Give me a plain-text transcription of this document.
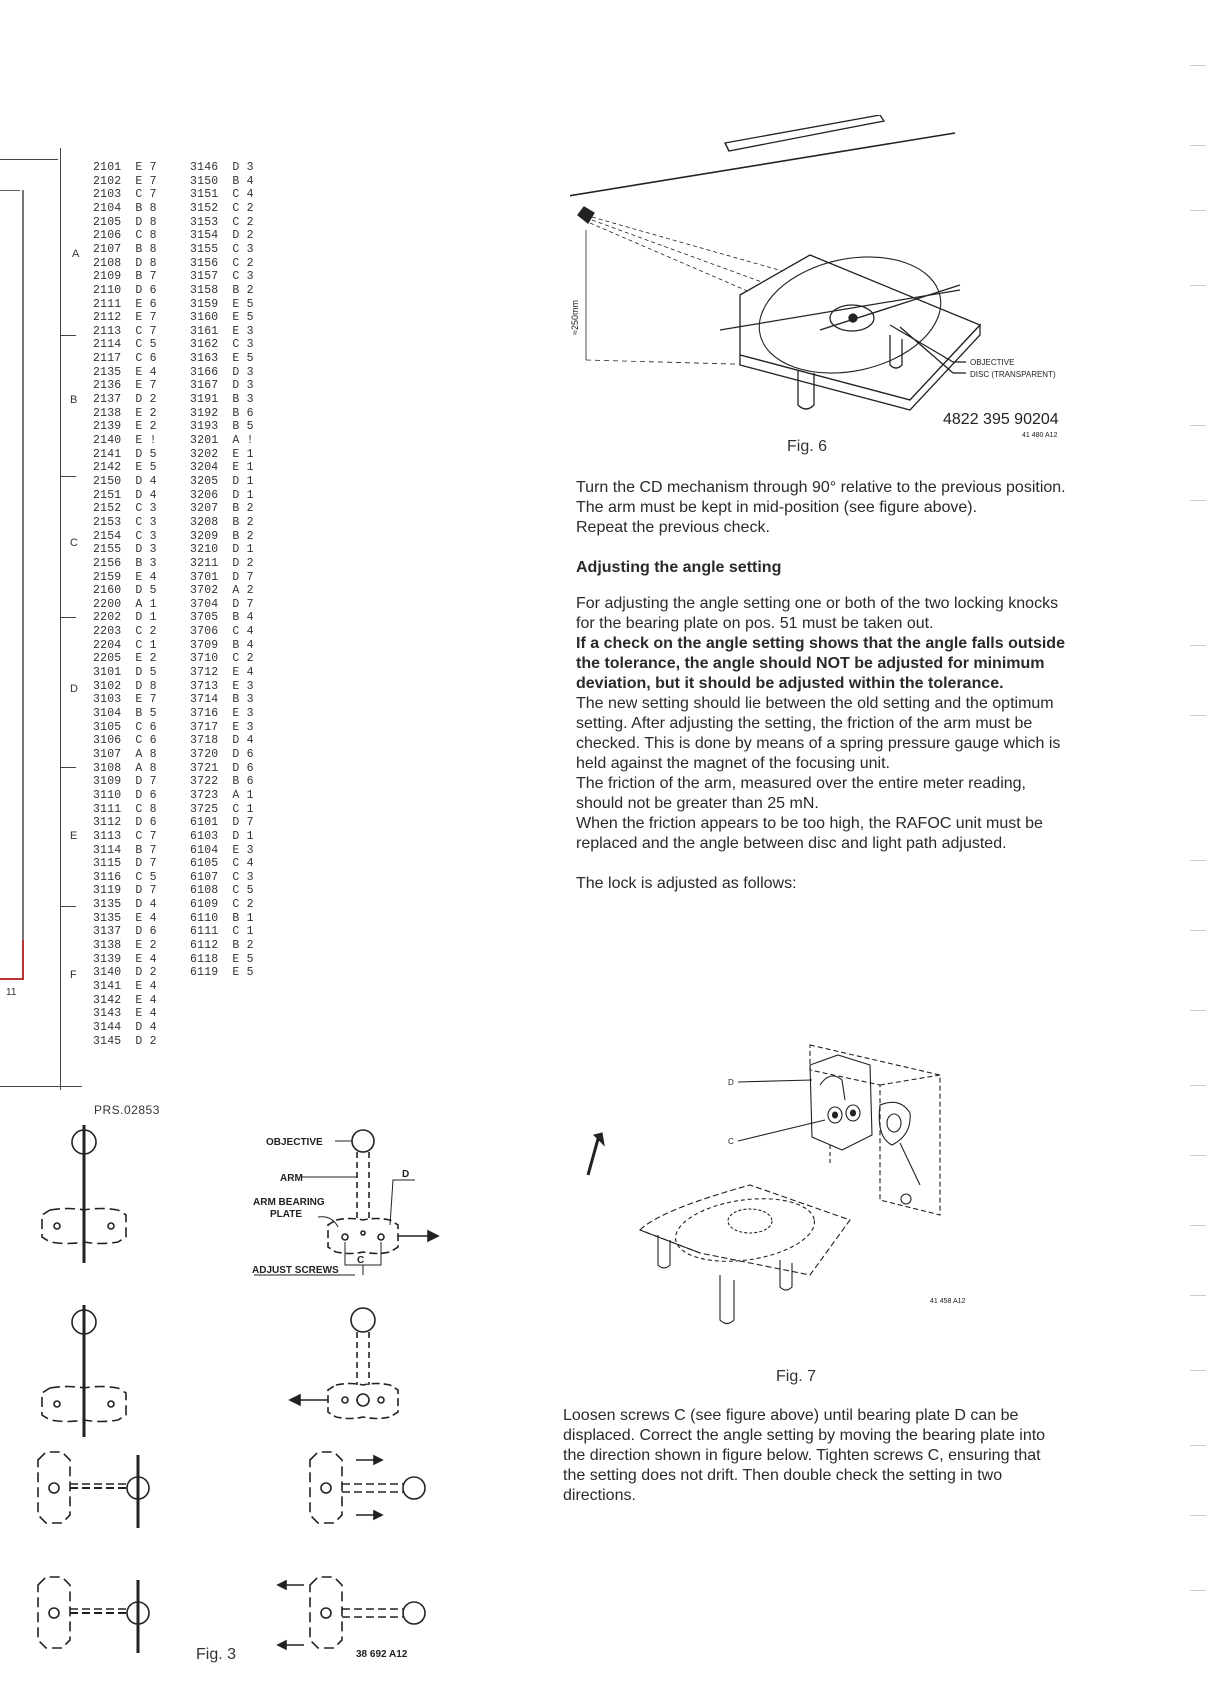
11
A
B
C
D
E
F
2101 E 7
2102 E 7
2103 C 7
2104 B 8
2105 D 8
2106 C 8
2107 B 8
2108 D 8
2109 B 7
2110 D 6
2111 E 6
2112 E 7
2113 C 7
2114 C 5
2117 C 6
2135 E 4
2136 E 7
2137 D 2
2138 E 2
2139 E 2
2140 E !
2141 D 5
2142 E 5
2150 D 4
2151 D 4
2152 C 3
2153 C 3
2154 C 3
2155 D 3
2156 B 3
2159 E 4
2160 D 5
2200 A 1
2202 D 1
2203 C 2
2204 C 1
2205 E 2
3101 D 5
3102 D 8
3103 E 7
3104 B 5
3105 C 6
3106 C 6
3107 A 8
3108 A 8
3109 D 7
3110 D 6
3111 C 8
3112 D 6
3113 C 7
3114 B 7
3115 D 7
3116 C 5
3119 D 7
3135 D 4
3135 E 4
3137 D 6
3138 E 2
3139 E 4
3140 D 2
3141 E 4
3142 E 4
3143 E 4
3144 D 4
3145 D 2
3146 D 3
3150 B 4
3151 C 4
3152 C 2
3153 C 2
3154 D 2
3155 C 3
3156 C 2
3157 C 3
3158 B 2
3159 E 5
3160 E 5
3161 E 3
3162 C 3
3163 E 5
3166 D 3
3167 D 3
3191 B 3
3192 B 6
3193 B 5
3201 A !
3202 E 1
3204 E 1
3205 D 1
3206 D 1
3207 B 2
3208 B 2
3209 B 2
3210 D 1
3211 D 2
3701 D 7
3702 A 2
3704 D 7
3705 B 4
3706 C 4
3709 B 4
3710 C 2
3712 E 4
3713 E 3
3714 B 3
3716 E 3
3717 E 3
3718 D 4
3720 D 6
3721 D 6
3722 B 6
3723 A 1
3725 C 1
6101 D 7
6103 D 1
6104 E 3
6105 C 4
6107 C 3
6108 C 5
6109 C 2
6110 B 1
6111 C 1
6112 B 2
6118 E 5
6119 E 5
PRS.02853
OBJECTIVE
ARM	D
ARM BEARING
PLATE
C
ADJUST SCREWS
38 692 A12
Fig. 3
≈250mm
OBJECTIVE
DISC (TRANSPARENT)
4822 395 90204
41 480 A12
Fig. 6

Turn the CD mechanism through 90° relative to the previous position. The arm must be kept in mid-position (see figure above).

Repeat the previous check.

Adjusting the angle setting

For adjusting the angle setting one or both of the two locking knocks for the bearing plate on pos. 51 must be taken out.

If a check on the angle setting shows that the angle falls outside the tolerance, the angle should NOT be adjusted for minimum deviation, but it should be adjusted within the tolerance.

The new setting should lie between the old setting and the optimum setting. After adjusting the setting, the friction of the arm must be checked. This is done by means of a spring pressure gauge which is held against the magnet of the focusing unit.

The friction of the arm, measured over the entire meter reading, should not be greater than 25 mN.

When the friction appears to be too high, the RAFOC unit must be replaced and the angle between disc and light path adjusted.

The lock is adjusted as follows:

D
C
41 458 A12
Fig. 7

Loosen screws C (see figure above) until bearing plate D can be displaced. Correct the angle setting by moving the bearing plate into the direction shown in figure below. Tighten screws C, ensuring that the setting does not drift. Then double check the setting in two directions.
